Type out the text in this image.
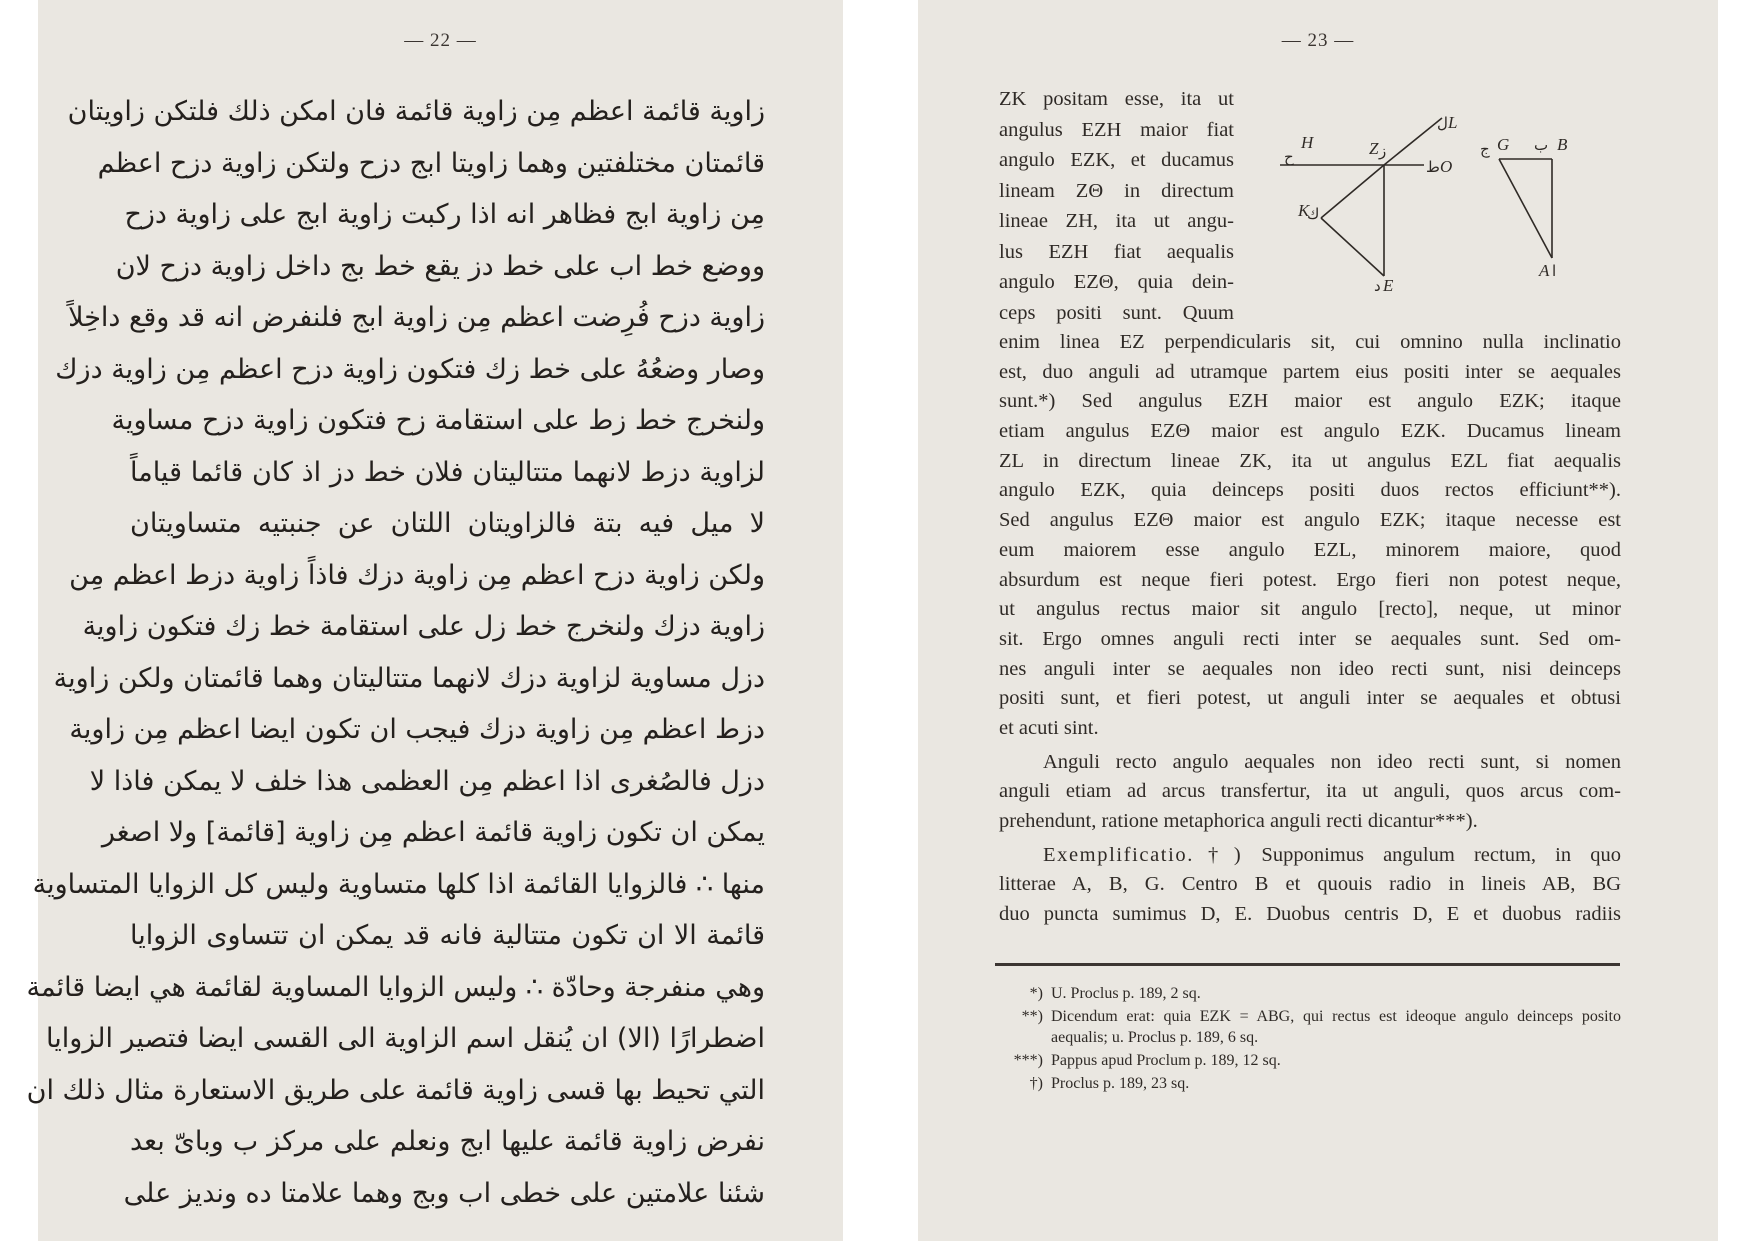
— 22 —
زاوية قائمة اعظم مِن زاوية قائمة فان امكن ذلك فلتكن زاويتان
قائمتان مختلفتين وهما زاويتا ابج دزح ولتكن زاوية دزح اعظم
مِن زاوية ابج فظاهر انه اذا ركبت زاوية ابج على زاوية دزح
ووضع خط اب على خط دز يقع خط بج داخل زاوية دزح لان
زاوية دزح فُرِضت اعظم مِن زاوية ابج فلنفرض انه قد وقع داخِلاً
وصار وضعُهُ على خط زك فتكون زاوية دزح اعظم مِن زاوية دزك
ولنخرج خط زط على استقامة زح فتكون زاوية دزح مساوية
لزاوية دزط لانهما متتاليتان فلان خط دز اذ كان قائما قياماً
لا ميل فيه بتة فالزاويتان اللتان عن جنبتيه متساويتان
ولكن زاوية دزح اعظم مِن زاوية دزك فاذاً زاوية دزط اعظم مِن
زاوية دزك ولنخرج خط زل على استقامة خط زك فتكون زاوية
دزل مساوية لزاوية دزك لانهما متتاليتان وهما قائمتان ولكن زاوية
دزط اعظم مِن زاوية دزك فيجب ان تكون ايضا اعظم مِن زاوية
دزل فالصُغرى اذا اعظم مِن العظمى هذا خلف لا يمكن فاذا لا
يمكن ان تكون زاوية قائمة اعظم مِن زاوية [قائمة] ولا اصغر
منها ∴ فالزوايا القائمة اذا كلها متساوية وليس كل الزوايا المتساوية
قائمة الا ان تكون متتالية فانه قد يمكن ان تتساوى الزوايا
وهي منفرجة وحادّة ∴ وليس الزوايا المساوية لقائمة هي ايضا قائمة
اضطرارًا (الا) ان يُنقل اسم الزاوية الى القسى ايضا فتصير الزوايا
التي تحيط بها قسى زاوية قائمة على طريق الاستعارة مثال ذلك ان
نفرض زاوية قائمة عليها ابج ونعلم على مركز ب وباىّ بعد
شئنا علامتين على خطى اب وبج وهما علامتا ده ونديز على
— 23 —
ZK positam esse, ita ut
angulus EZH maior fiat
angulo EZK, et ducamus
lineam ZΘ in directum
lineae ZH, ita ut angu-
lus EZH fiat aequalis
angulo EZΘ, quia dein-
ceps positi sunt. Quum
ح
H	Z ز
ل L
ط O
ج G ب B
K
ك
د E
A ا
enim linea EZ perpendicularis sit, cui omnino nulla inclinatio
est, duo anguli ad utramque partem eius positi inter se aequales
sunt.*) Sed angulus EZH maior est angulo EZK; itaque
etiam angulus EZΘ maior est angulo EZK. Ducamus lineam
ZL in directum lineae ZK, ita ut angulus EZL fiat aequalis
angulo EZK, quia deinceps positi duos rectos efficiunt**).
Sed angulus EZΘ maior est angulo EZK; itaque necesse est
eum maiorem esse angulo EZL, minorem maiore, quod
absurdum est neque fieri potest. Ergo fieri non potest neque,
ut angulus rectus maior sit angulo [recto], neque, ut minor
sit. Ergo omnes anguli recti inter se aequales sunt. Sed om-
nes anguli inter se aequales non ideo recti sunt, nisi deinceps
positi sunt, et fieri potest, ut anguli inter se aequales et obtusi
et acuti sint.
Anguli recto angulo aequales non ideo recti sunt, si nomen
anguli etiam ad arcus transfertur, ita ut anguli, quos arcus com-
prehendunt, ratione metaphorica anguli recti dicantur***).
Exemplificatio.†) Supponimus angulum rectum, in quo
litterae A, B, G. Centro B et quouis radio in lineis AB, BG
duo puncta sumimus D, E. Duobus centris D, E et duobus radiis
*) U. Proclus p. 189, 2 sq.
**) Dicendum erat: quia EZK = ABG, qui rectus est ideoque angulo deinceps posito aequalis; u. Proclus p. 189, 6 sq.
***) Pappus apud Proclum p. 189, 12 sq.
†) Proclus p. 189, 23 sq.
